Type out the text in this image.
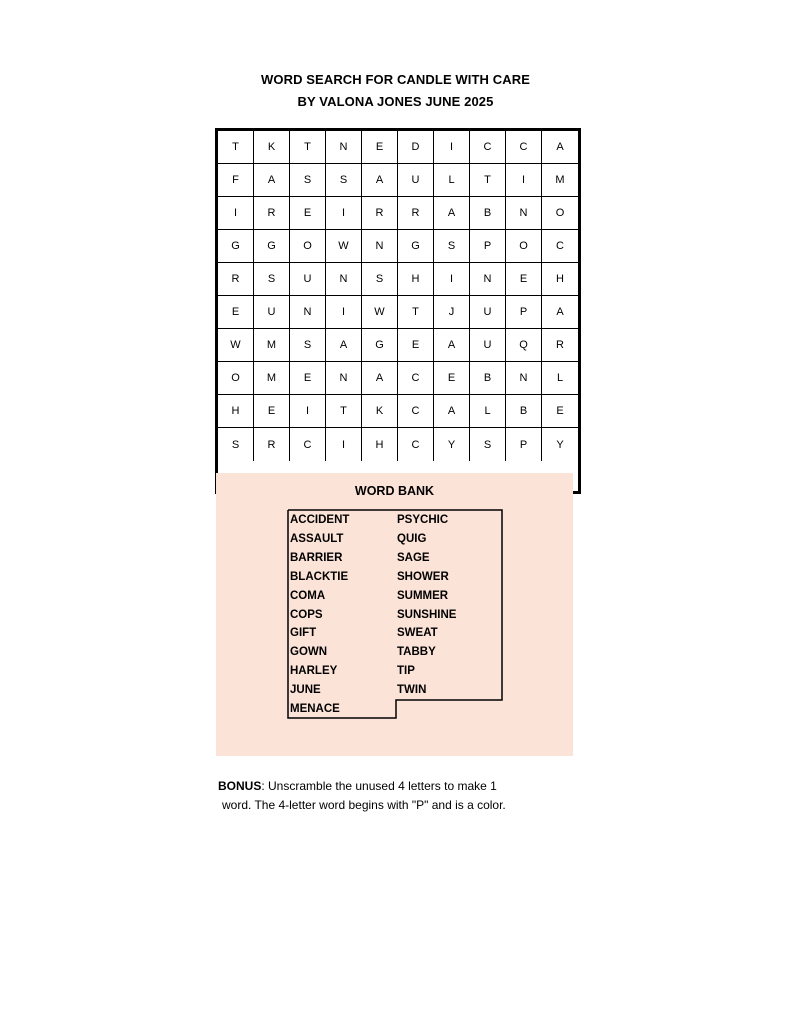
WORD SEARCH FOR CANDLE WITH CARE
BY VALONA JONES JUNE 2025
T	K	T	N	E	D	I	C	C	A
F	A	S	S	A	U	L	T	I	M
I	R	E	I	R	R	A	B	N	O
G	G	O	W	N	G	S	P	O	C
R	S	U	N	S	H	I	N	E	H
E	U	N	I	W	T	J	U	P	A
W	M	S	A	G	E	A	U	Q	R
O	M	E	N	A	C	E	B	N	L
H	E	I	T	K	C	A	L	B	E
S	R	C	I	H	C	Y	S	P	Y
WORD BANK
ACCIDENT
ASSAULT
BARRIER
BLACKTIE
COMA
COPS
GIFT
GOWN
HARLEY
JUNE
MENACE
PSYCHIC
QUIG
SAGE
SHOWER
SUMMER
SUNSHINE
SWEAT
TABBY
TIP
TWIN
BONUS: Unscramble the unused 4 letters to make 1
word. The 4-letter word begins with "P" and is a color.
